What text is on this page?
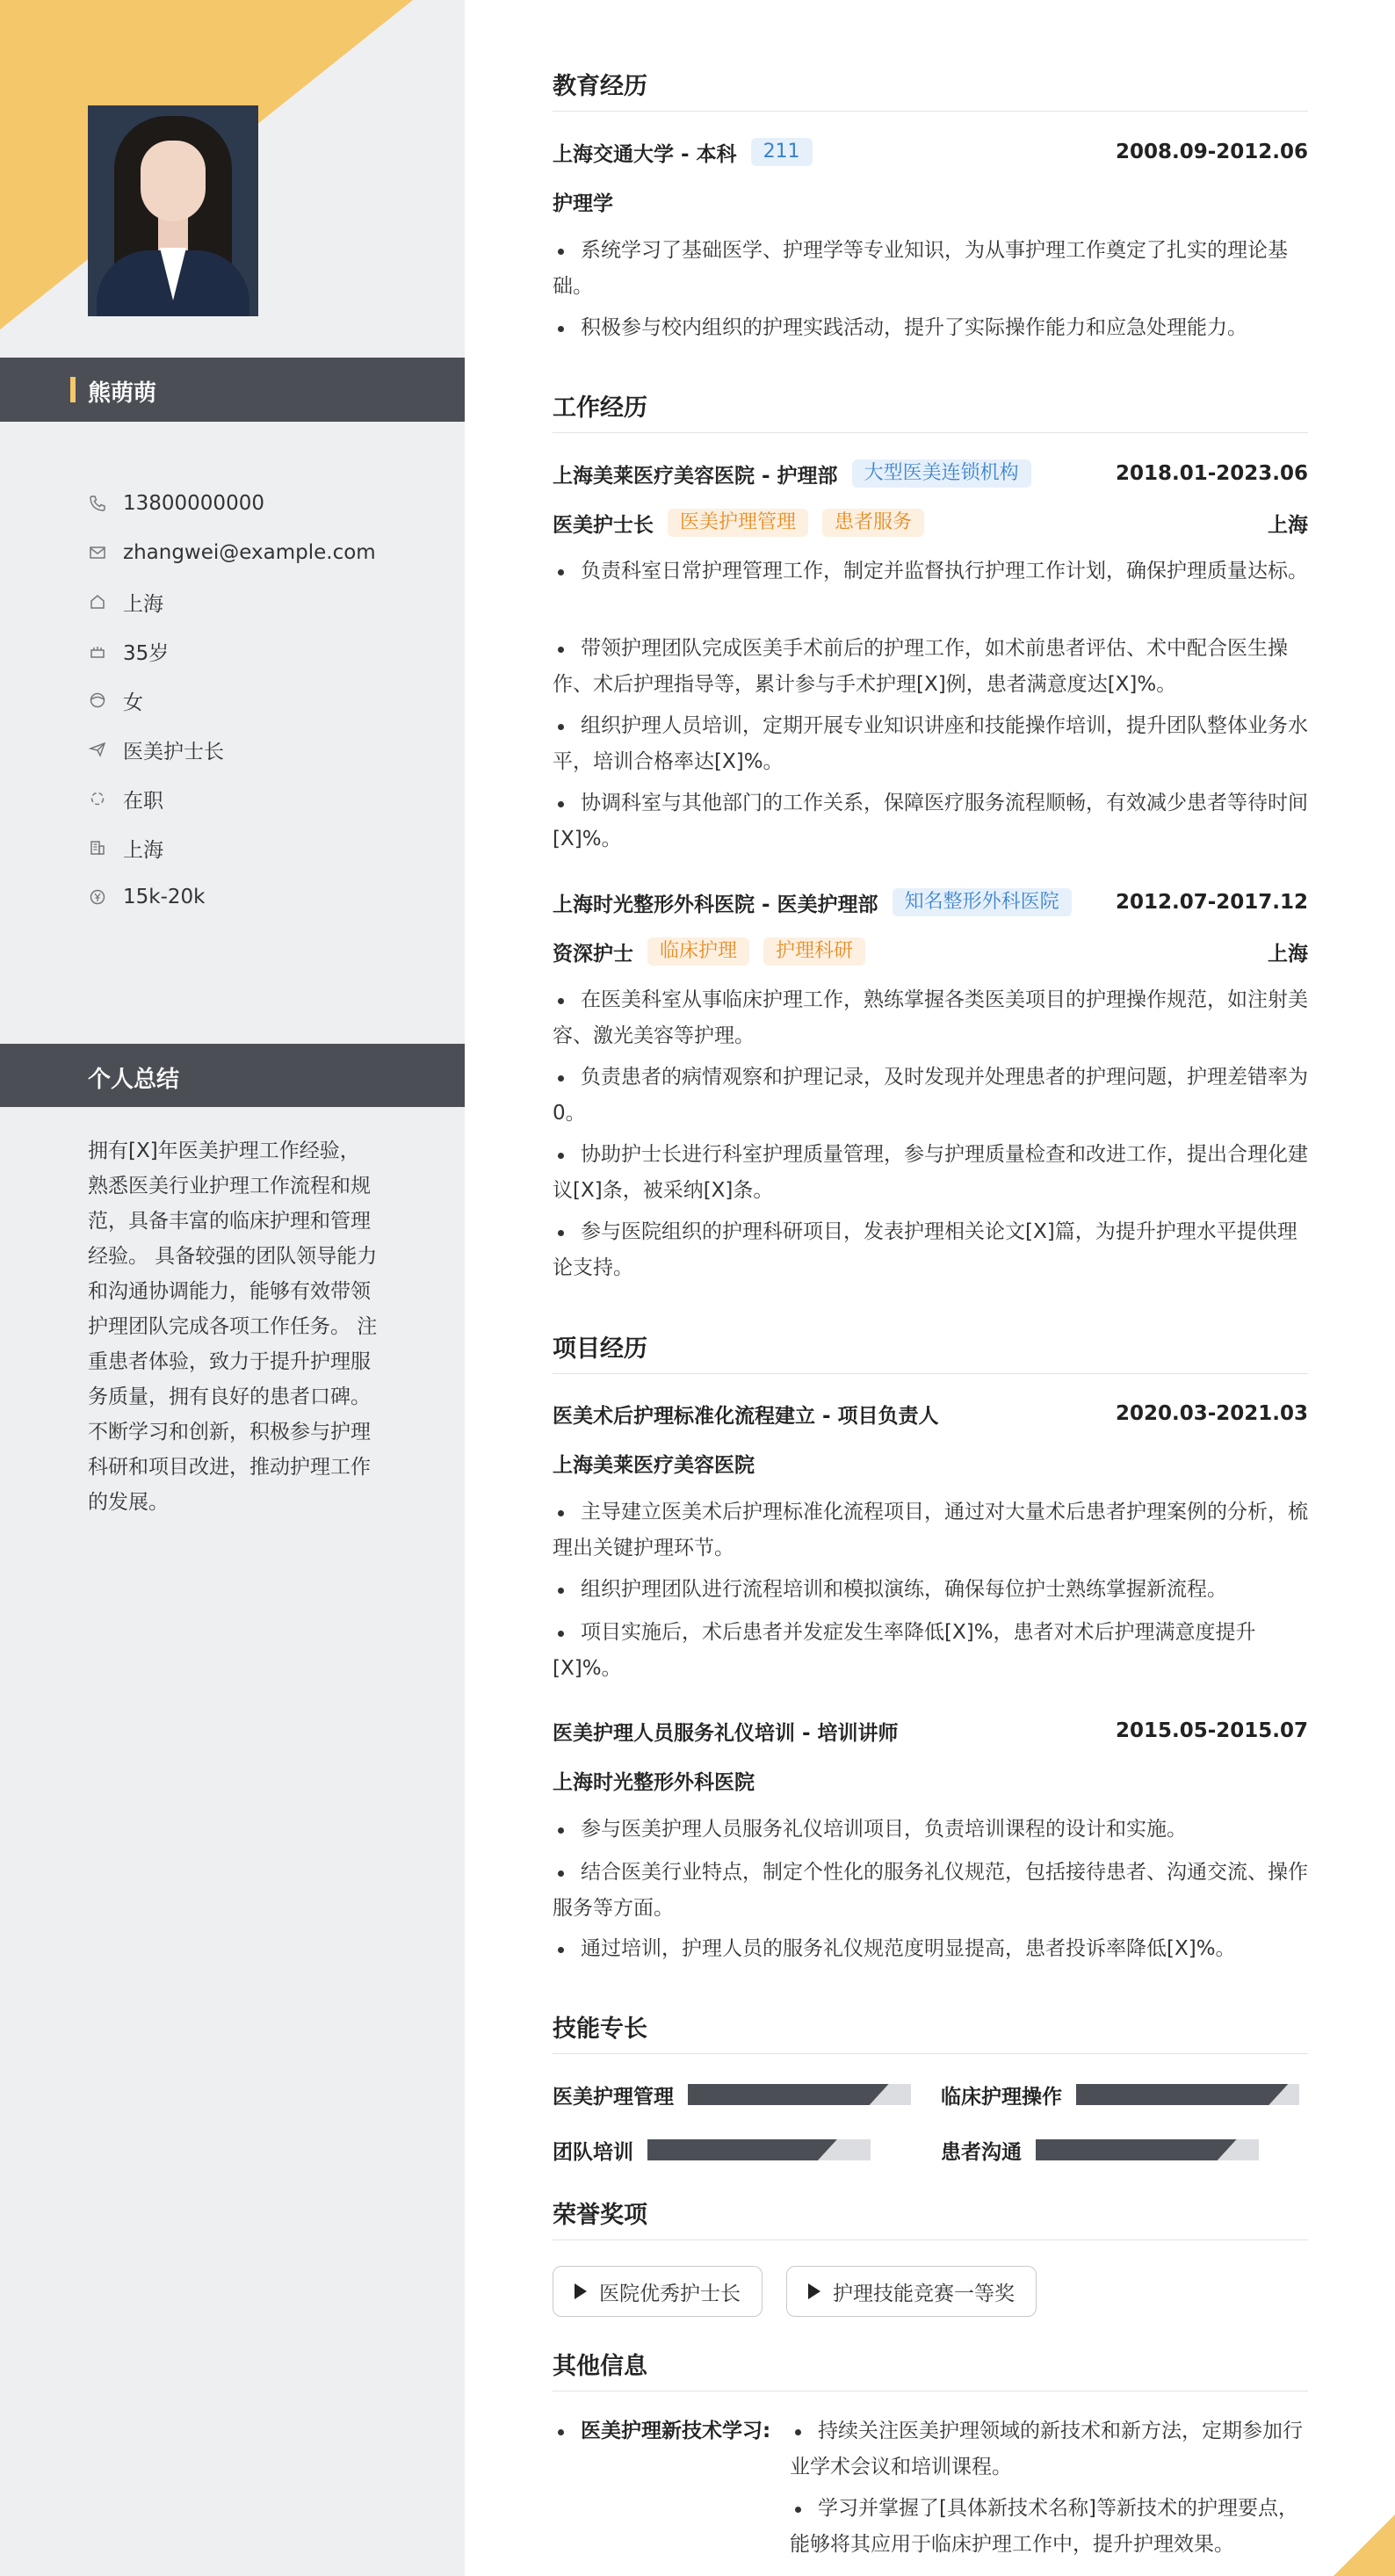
熊萌萌
13800000000
zhangwei@example.com
上海
35岁
女
医美护士长
在职
上海
15k-20k
个人总结
拥有[X]年医美护理工作经验，熟悉医美行业护理工作流程和规范，具备丰富的临床护理和管理经验。 具备较强的团队领导能力和沟通协调能力，能够有效带领护理团队完成各项工作任务。 注重患者体验，致力于提升护理服务质量，拥有良好的患者口碑。 不断学习和创新，积极参与护理科研和项目改进，推动护理工作的发展。
教育经历
上海交通大学 - 本科	211	2008.09-2012.06
护理学
系统学习了基础医学、护理学等专业知识，为从事护理工作奠定了扎实的理论基础。
积极参与校内组织的护理实践活动，提升了实际操作能力和应急处理能力。
工作经历
上海美莱医疗美容医院 - 护理部	大型医美连锁机构	2018.01-2023.06
医美护士长	医美护理管理	患者服务	上海
负责科室日常护理管理工作，制定并监督执行护理工作计划，确保护理质量达标。
带领护理团队完成医美手术前后的护理工作，如术前患者评估、术中配合医生操作、术后护理指导等，累计参与手术护理[X]例，患者满意度达[X]%。
组织护理人员培训，定期开展专业知识讲座和技能操作培训，提升团队整体业务水平，培训合格率达[X]%。
协调科室与其他部门的工作关系，保障医疗服务流程顺畅，有效减少患者等待时间[X]%。
上海时光整形外科医院 - 医美护理部	知名整形外科医院	2012.07-2017.12
资深护士	临床护理	护理科研	上海
在医美科室从事临床护理工作，熟练掌握各类医美项目的护理操作规范，如注射美容、激光美容等护理。
负责患者的病情观察和护理记录，及时发现并处理患者的护理问题，护理差错率为0。
协助护士长进行科室护理质量管理，参与护理质量检查和改进工作，提出合理化建议[X]条，被采纳[X]条。
参与医院组织的护理科研项目，发表护理相关论文[X]篇，为提升护理水平提供理论支持。
项目经历
医美术后护理标准化流程建立 - 项目负责人	2020.03-2021.03
上海美莱医疗美容医院
主导建立医美术后护理标准化流程项目，通过对大量术后患者护理案例的分析，梳理出关键护理环节。
组织护理团队进行流程培训和模拟演练，确保每位护士熟练掌握新流程。
项目实施后，术后患者并发症发生率降低[X]%，患者对术后护理满意度提升[X]%。
医美护理人员服务礼仪培训 - 培训讲师	2015.05-2015.07
上海时光整形外科医院
参与医美护理人员服务礼仪培训项目，负责培训课程的设计和实施。
结合医美行业特点，制定个性化的服务礼仪规范，包括接待患者、沟通交流、操作服务等方面。
通过培训，护理人员的服务礼仪规范度明显提高，患者投诉率降低[X]%。
技能专长
医美护理管理	临床护理操作
团队培训	患者沟通
荣誉奖项
医院优秀护士长	护理技能竞赛一等奖
其他信息
医美护理新技术学习:	持续关注医美护理领域的新技术和新方法，定期参加行业学术会议和培训课程。
学习并掌握了[具体新技术名称]等新技术的护理要点，能够将其应用于临床护理工作中，提升护理效果。
